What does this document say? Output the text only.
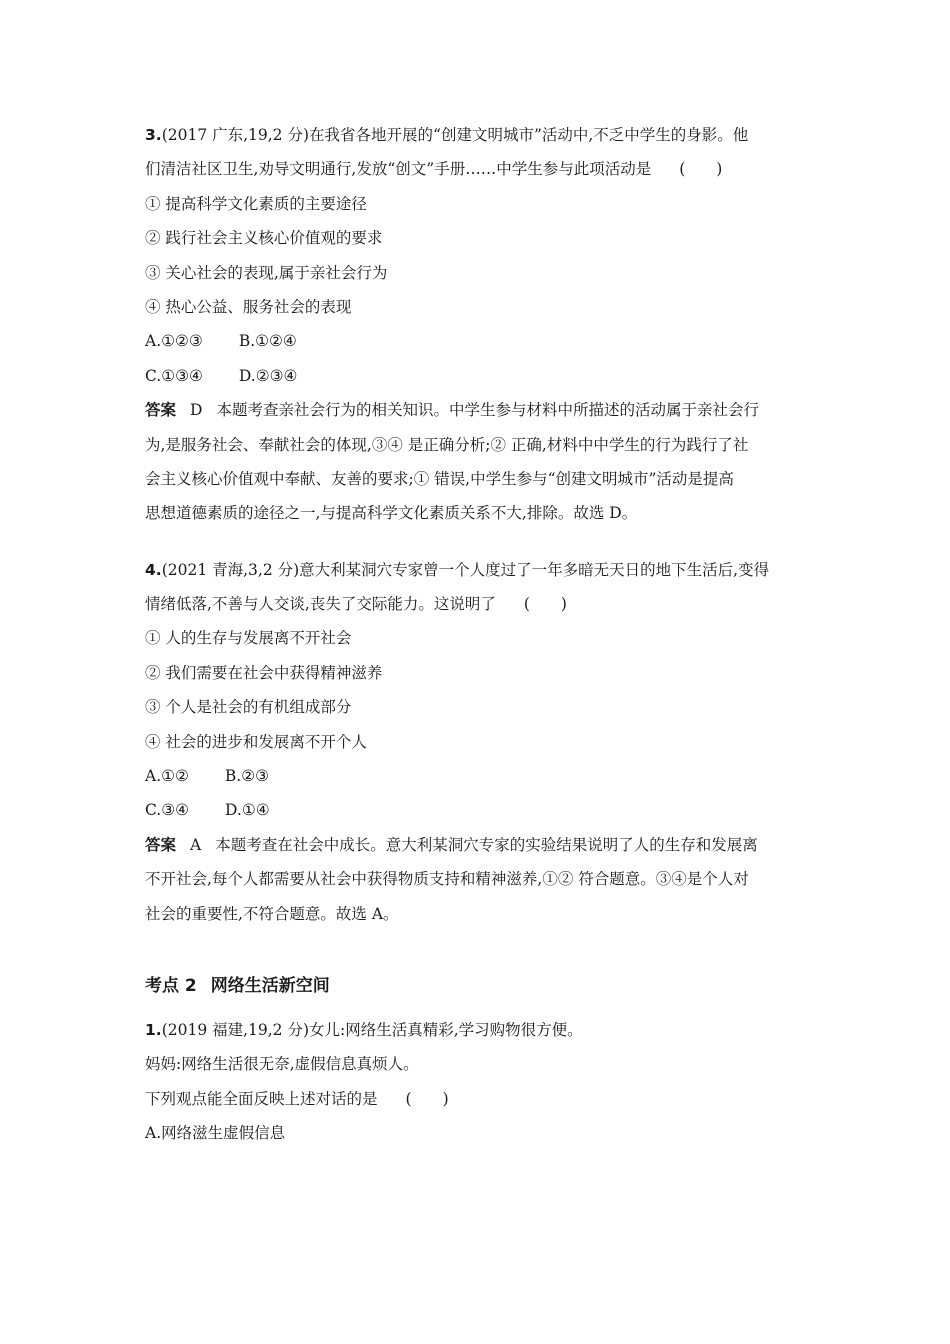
3.(2017 广东,19,2 分)在我省各地开展的“创建文明城市”活动中,不乏中学生的身影。他
们清洁社区卫生,劝导文明通行,发放“创文”手册……中学生参与此项活动是 (　　)
① 提高科学文化素质的主要途径
② 践行社会主义核心价值观的要求
③ 关心社会的表现,属于亲社会行为
④ 热心公益、服务社会的表现
A.①②③ B.①②④
C.①③④ D.②③④
答案 D 本题考查亲社会行为的相关知识。中学生参与材料中所描述的活动属于亲社会行
为,是服务社会、奉献社会的体现,③④ 是正确分析;② 正确,材料中中学生的行为践行了社
会主义核心价值观中奉献、友善的要求;① 错误,中学生参与“创建文明城市”活动是提高
思想道德素质的途径之一,与提高科学文化素质关系不大,排除。故选 D。
4.(2021 青海,3,2 分)意大利某洞穴专家曾一个人度过了一年多暗无天日的地下生活后,变得
情绪低落,不善与人交谈,丧失了交际能力。这说明了 (　　)
① 人的生存与发展离不开社会
② 我们需要在社会中获得精神滋养
③ 个人是社会的有机组成部分
④ 社会的进步和发展离不开个人
A.①② B.②③
C.③④ D.①④
答案 A 本题考查在社会中成长。意大利某洞穴专家的实验结果说明了人的生存和发展离
不开社会,每个人都需要从社会中获得物质支持和精神滋养,①② 符合题意。③④是个人对
社会的重要性,不符合题意。故选 A。
考点 2 网络生活新空间
1.(2019 福建,19,2 分)女儿:网络生活真精彩,学习购物很方便。
妈妈:网络生活很无奈,虚假信息真烦人。
下列观点能全面反映上述对话的是 (　　)
A.网络滋生虚假信息
